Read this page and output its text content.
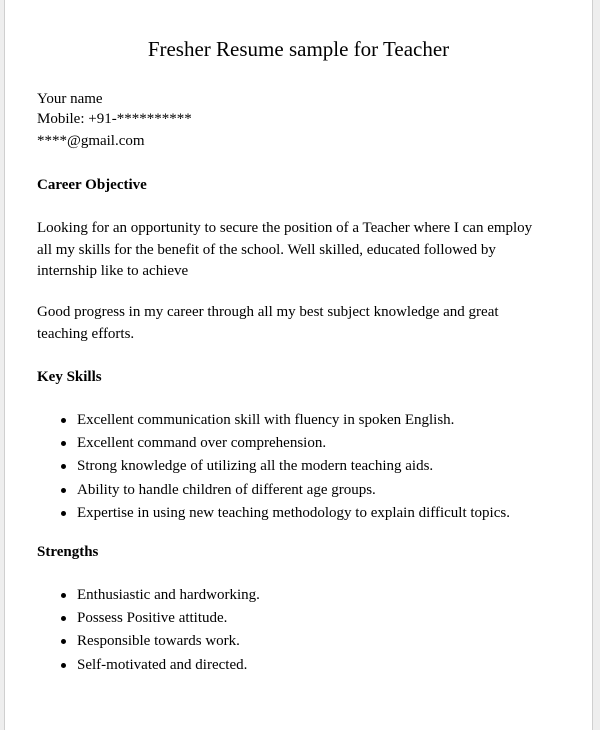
Fresher Resume sample for Teacher
Your name
Mobile: +91-**********
****@gmail.com
Career Objective
Looking for an opportunity to secure the position of a Teacher where I can employ
all my skills for the benefit of the school. Well skilled, educated followed by
internship like to achieve
Good progress in my career through all my best subject knowledge and great
teaching efforts.
Key Skills
Excellent communication skill with fluency in spoken English.
Excellent command over comprehension.
Strong knowledge of utilizing all the modern teaching aids.
Ability to handle children of different age groups.
Expertise in using new teaching methodology to explain difficult topics.
Strengths
Enthusiastic and hardworking.
Possess Positive attitude.
Responsible towards work.
Self-motivated and directed.
